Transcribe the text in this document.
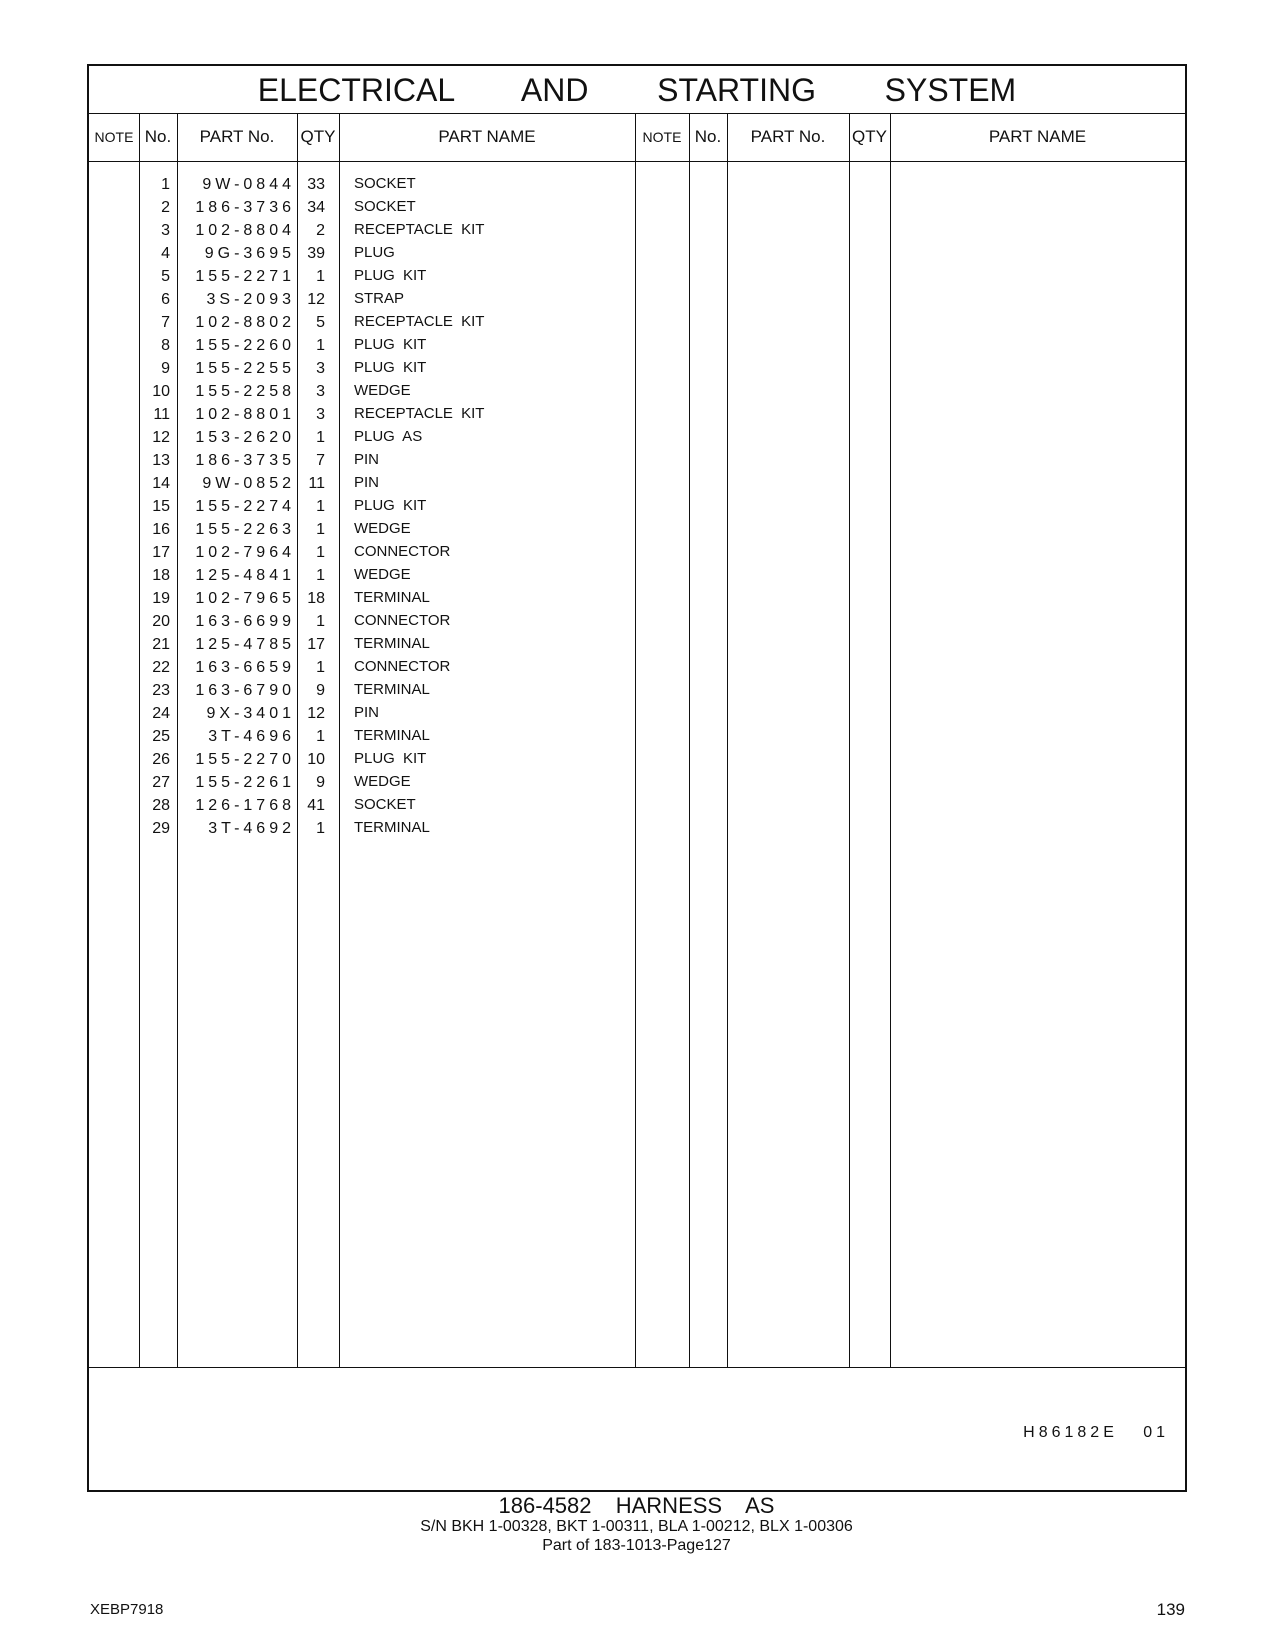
ELECTRICAL   AND   STARTING   SYSTEM
NOTE No.	PART No.	QTY	PART NAME	NOTE No.	PART No.	QTY	PART NAME
1	9W-0844 33 SOCKET
2	186-3736 34 SOCKET
3	102-8804	2 RECEPTACLE KIT
4	9G-3695 39 PLUG
5	155-2271	1 PLUG KIT
6	3S-2093 12 STRAP
7	102-8802	5 RECEPTACLE KIT
8	155-2260	1 PLUG KIT
9	155-2255	3 PLUG KIT
10	155-2258	3 WEDGE
11	102-8801	3 RECEPTACLE KIT
12	153-2620	1 PLUG AS
13	186-3735	7 PIN
14	9W-0852 11 PIN
15	155-2274	1 PLUG KIT
16	155-2263	1 WEDGE
17	102-7964	1 CONNECTOR
18	125-4841	1 WEDGE
19	102-7965 18 TERMINAL
20	163-6699	1 CONNECTOR
21	125-4785 17 TERMINAL
22	163-6659	1 CONNECTOR
23	163-6790	9 TERMINAL
24	9X-3401 12 PIN
25	3T-4696	1 TERMINAL
26	155-2270 10 PLUG KIT
27	155-2261	9 WEDGE
28	126-1768 41 SOCKET
29	3T-4692	1 TERMINAL
H86182E   01
186-4582  HARNESS  AS
S/N BKH 1-00328, BKT 1-00311, BLA 1-00212, BLX 1-00306
Part of 183-1013-Page127
XEBP7918	139
